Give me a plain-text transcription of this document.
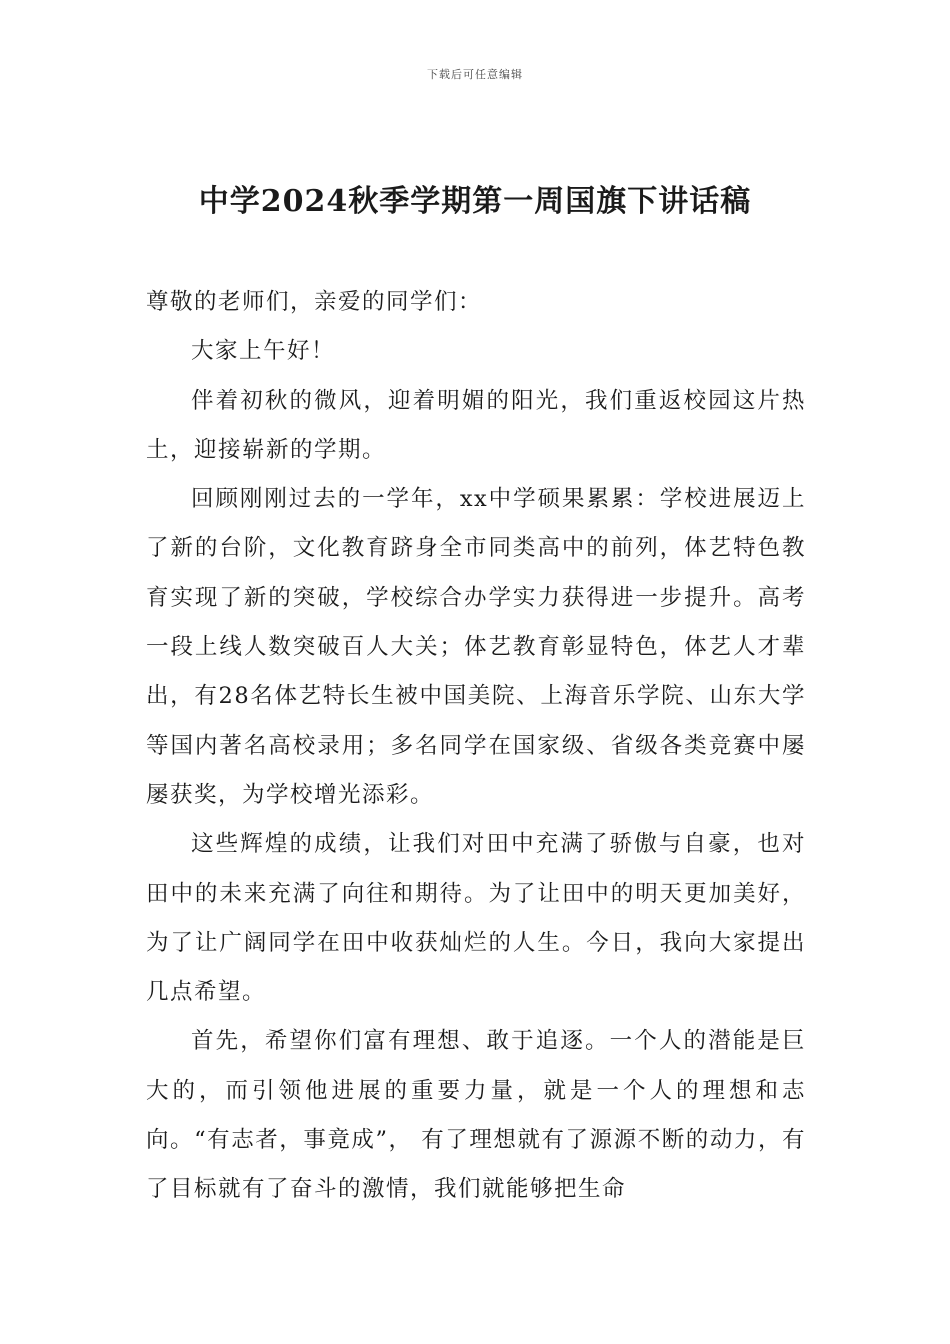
下载后可任意编辑
中学2024秋季学期第一周国旗下讲话稿

尊敬的老师们，亲爱的同学们：

大家上午好！

伴着初秋的微风，迎着明媚的阳光，我们重返校园这片热土，迎接崭新的学期。

回顾刚刚过去的一学年，xx中学硕果累累：学校进展迈上了新的台阶，文化教育跻身全市同类高中的前列，体艺特色教育实现了新的突破，学校综合办学实力获得进一步提升。高考一段上线人数突破百人大关；体艺教育彰显特色，体艺人才辈出，有28名体艺特长生被中国美院、上海音乐学院、山东大学等国内著名高校录用；多名同学在国家级、省级各类竞赛中屡屡获奖，为学校增光添彩。

这些辉煌的成绩，让我们对田中充满了骄傲与自豪，也对田中的未来充满了向往和期待。为了让田中的明天更加美好，为了让广阔同学在田中收获灿烂的人生。今日，我向大家提出几点希望。

首先，希望你们富有理想、敢于追逐。一个人的潜能是巨大的，而引领他进展的重要力量，就是一个人的理想和志向。“有志者，事竟成”， 有了理想就有了源源不断的动力，有了目标就有了奋斗的激情，我们就能够把生命
